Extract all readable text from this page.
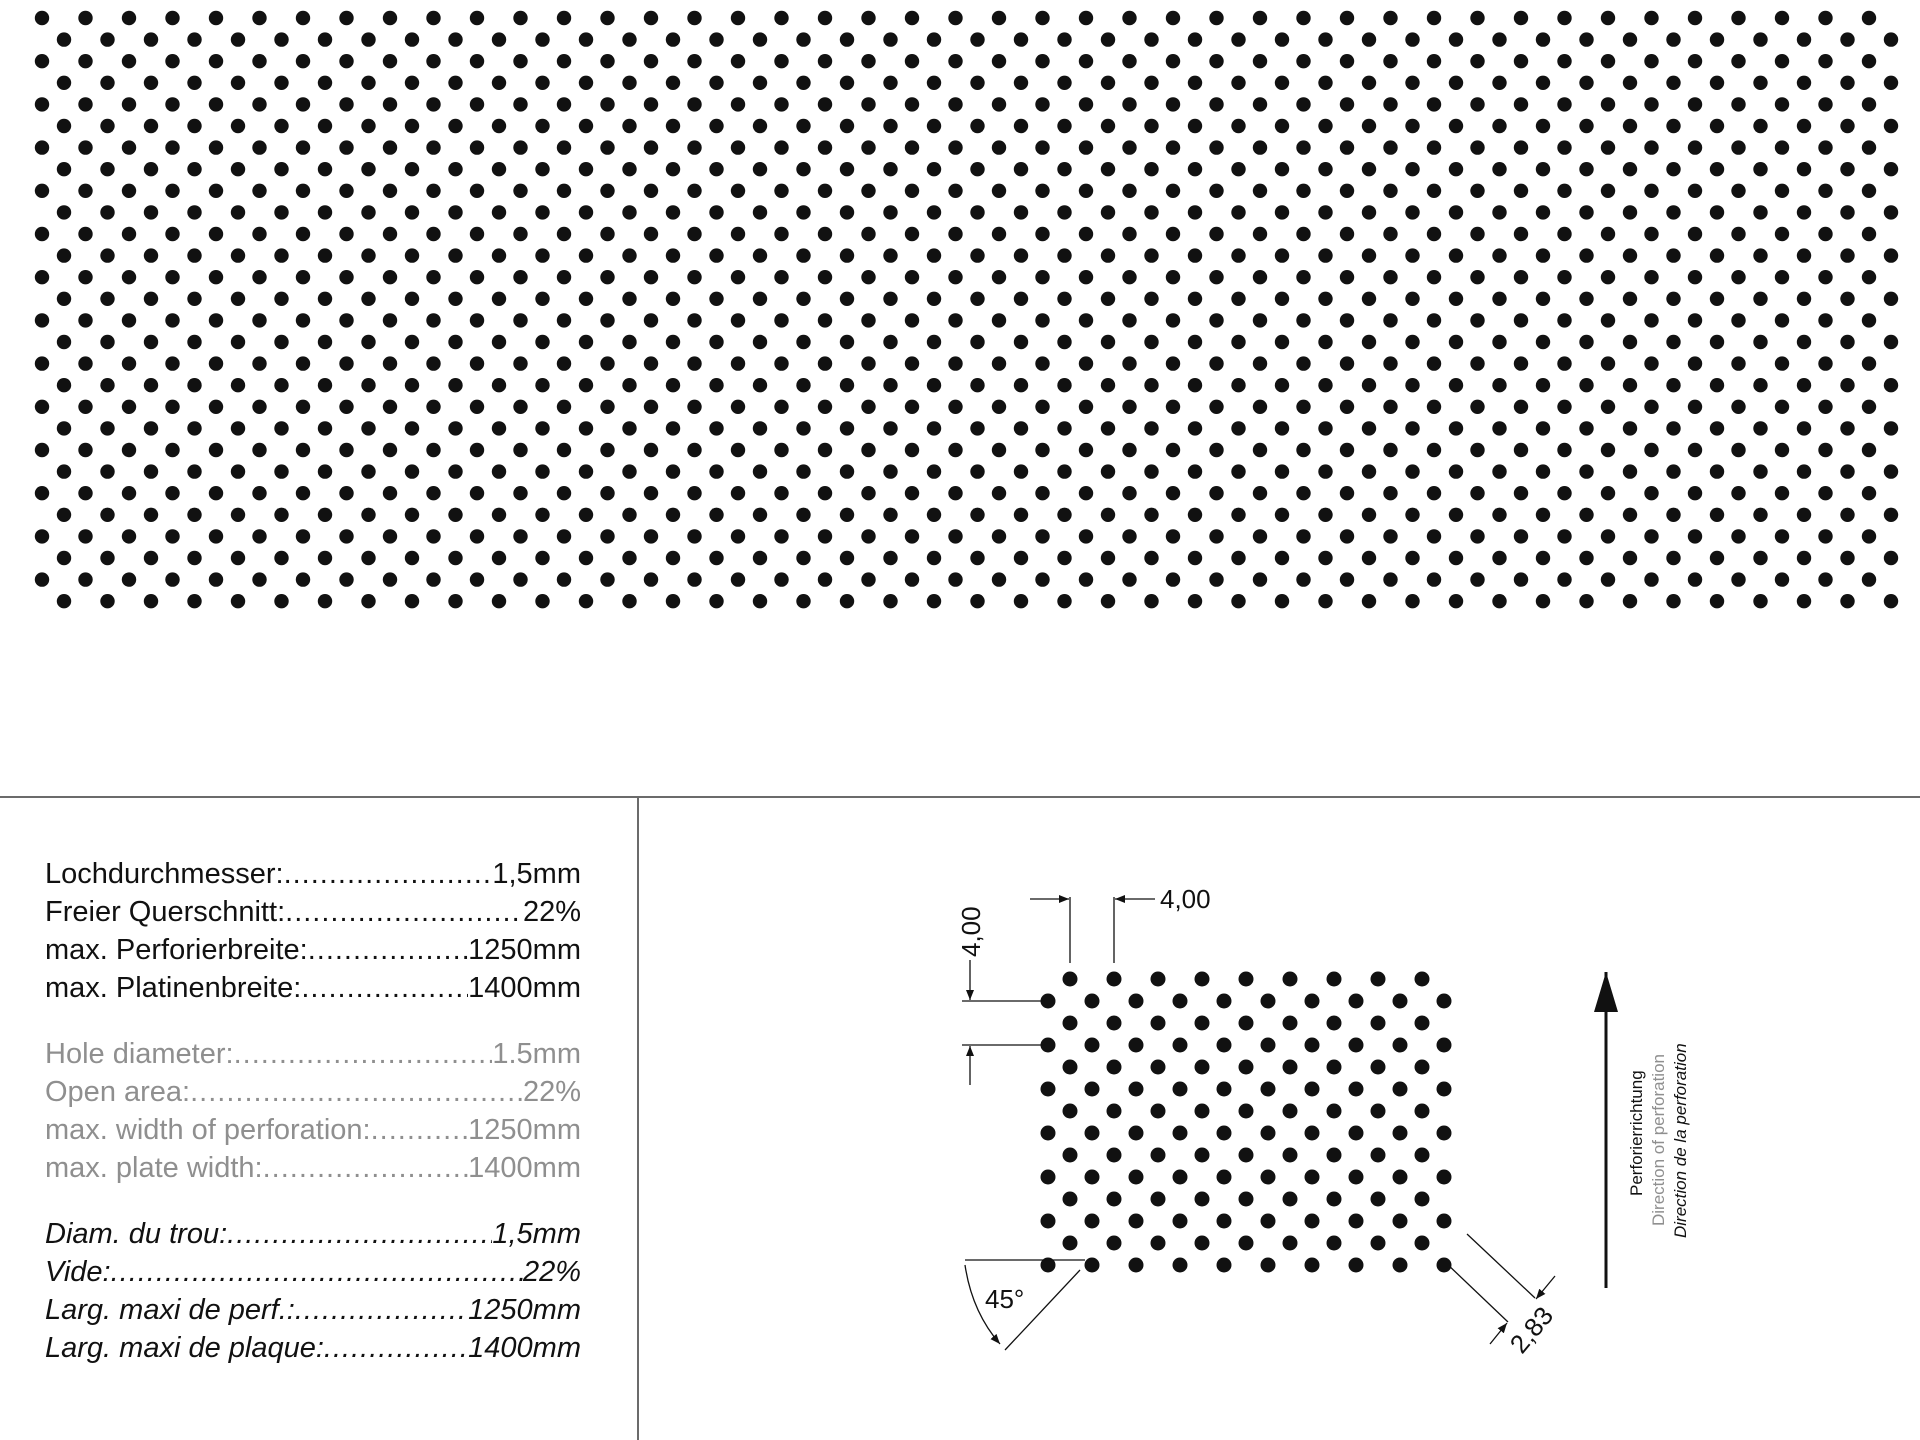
Lochdurchmesser: .....	1,5mm
Freier Querschnitt: .....	22%
max. Perforierbreite: .....	1250mm
max. Platinenbreite: .....	1400mm
Hole diameter: .....	1.5mm
Open area: .....	22%
max. width of perforation: .....	1250mm
max. plate width: .....	1400mm
Diam. du trou: .....	1,5mm
Vide: .....	22%
Larg. maxi de perf.: .....	1250mm
Larg. maxi de plaque: .....	1400mm
4,00
4,00
45°
2,83
Perforierrichtung Direction of perforation Direction de la perforation
